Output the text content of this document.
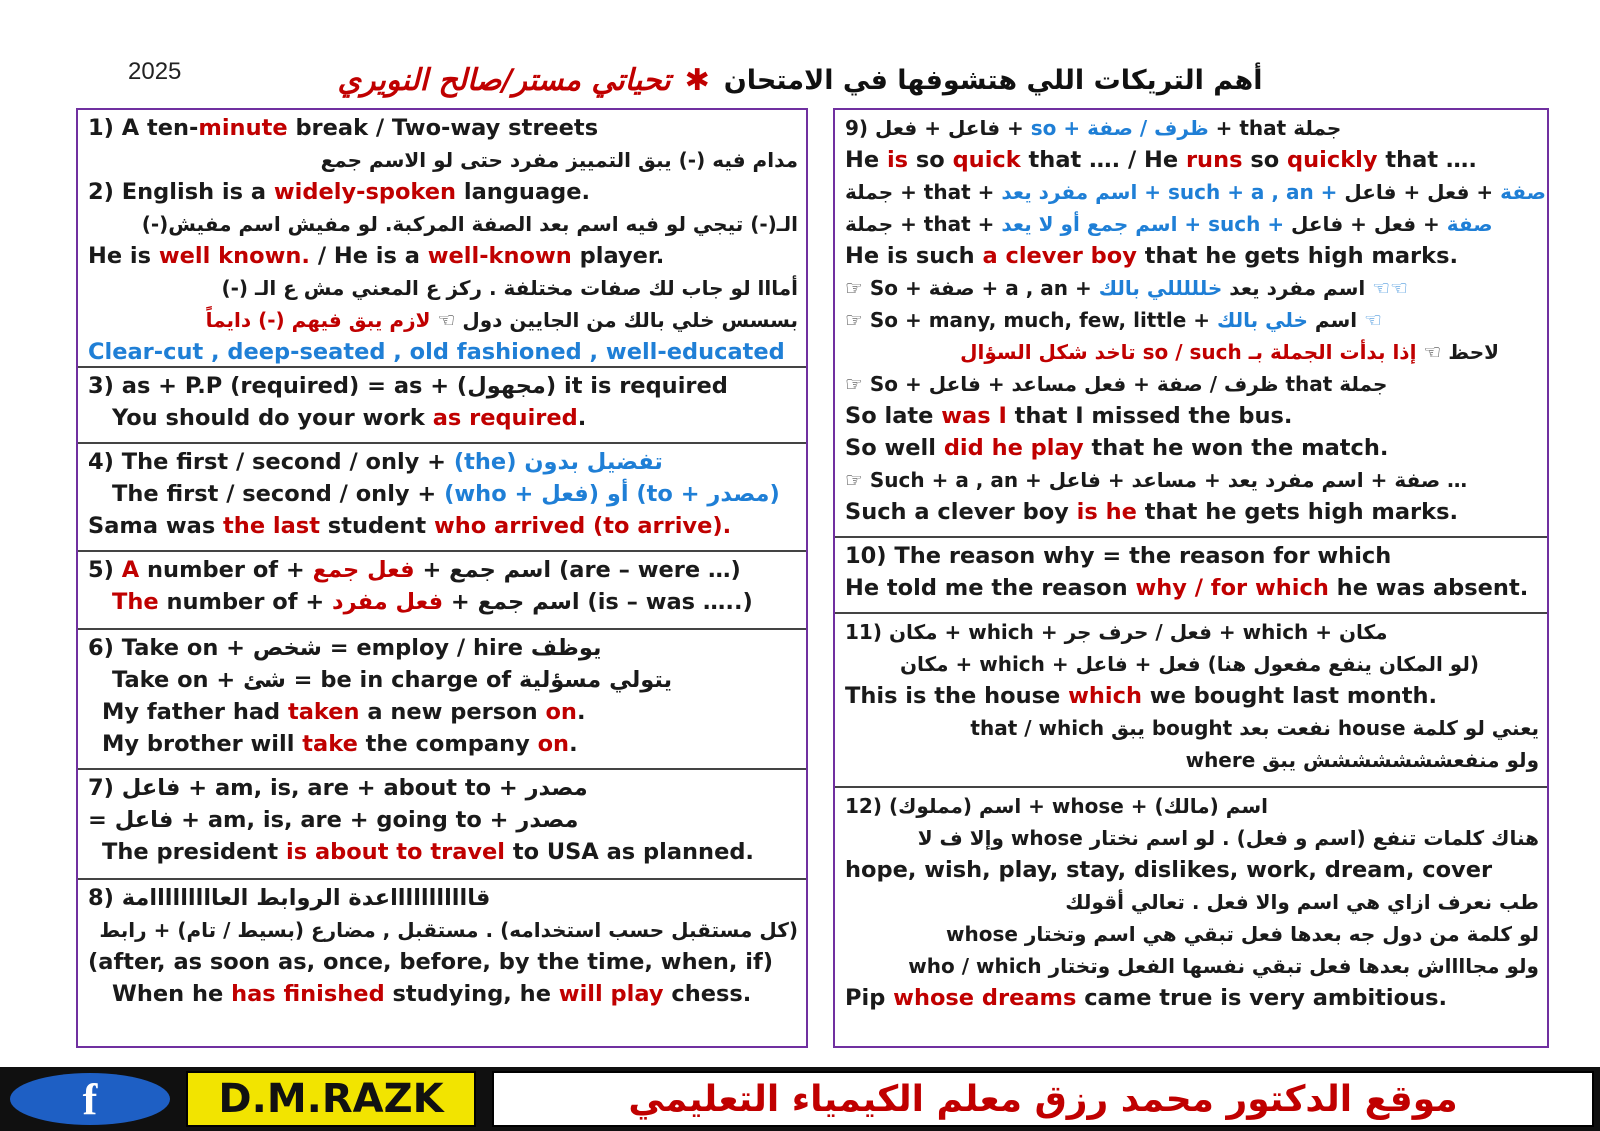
2025	أهم التريكات اللي هتشوفها في الامتحان
✱
تحياتي مستر/صالح النويري
1) A ten-minute break / Two-way streets
مدام فيه (-) يبق التمييز مفرد حتى لو الاسم جمع
2) English is a widely-spoken language.
الـ(-) تيجي لو فيه اسم بعد الصفة المركبة. لو مفيش اسم مفيش(-)
He is well known. / He is a well-known player.
أماا‌ا لو جاب لك صفات مختلفة . ركز ع المعني مش ع الـ (-)
بسسس خلي بالك من الجايين دول ☜ لازم يبق فيهم (-) دايماً
Clear-cut , deep-seated , old fashioned , well-educated
3) as + P.P (required) = as + (مجهول) it is required
You should do your work as required.
4) The first / second / only + (the) تفضيل بدون
The first / second / only + (who + فعل) أو (to + مصدر)
Sama was the last student who arrived (to arrive).
5) A number of + اسم جمع + فعل جمع	(are – were …)
The number of + اسم جمع + فعل مفرد	(is – was …..)
6) Take on + شخص = employ / hire يوظف
Take on + شئ = be in charge of يتولي مسؤلية
My father had taken a new person on.
My brother will take the company on.
7) فاعل + am, is, are + about to + مصدر
= فاعل + am, is, are + going to + مصدر
The president is about to travel to USA as planned.
8) قاااااااااااعدة الروابط العااااااااامة
(كل مستقبل حسب استخدامه) . مستقبل , مضارع (بسيط / تام) + رابط
(after, as soon as, once, before, by the time, when, if)
When he has finished studying, he will play chess.
9) فاعل + فعل + so + ظرف / صفة + that جملة
He is so quick that …. / He runs so quickly that ….
جملة + that + اسم مفرد يعد + such + a , an + صفة + فعل + فاعل
جملة + that + اسم جمع أو لا يعد + such + صفة + فعل + فاعل
He is such a clever boy that he gets high marks.
☞ So + صفة + a , an + اسم مفرد يعد خلللللي بالك ☜☜
☞ So + many, much, few, little + اسم خلي بالك ☜
لاحظ ☜ إذا بدأت الجملة بـ so / such تاخد شكل السؤال
☞ So + ظرف / صفة + فعل مساعد + فاعل that جملة
So late was I that I missed the bus.
So well did he play that he won the match.
☞ Such + a , an + صفة + اسم مفرد يعد + مساعد + فاعل …
Such a clever boy is he that he gets high marks.
10) The reason why = the reason for which
He told me the reason why / for which he was absent.
11) مكان + which + فعل / حرف جر + which + مكان
(لو المكان ينفع مفعول هنا) فعل + فاعل + which + مكان
This is the house which we bought last month.
يعني لو كلمة house نفعت بعد bought يبق that / which
ولو منفعششششششش يبق where
12) اسم (مملوك) + whose + اسم (مالك)
هناك كلمات تنفع (اسم و فعل) . لو اسم نختار whose وإلا ف لا
hope, wish, play, stay, dislikes, work, dream, cover
طب نعرف ازاي هي اسم والا فعل . تعالي أقولك
لو كلمة من دول جه بعدها فعل تبقي هي اسم وتختار whose
ولو مجااااش بعدها فعل تبقي نفسها الفعل وتختار who / which
Pip whose dreams came true is very ambitious.
f	D.M.RAZK	موقع الدكتور محمد رزق معلم الكيمياء التعليمي
